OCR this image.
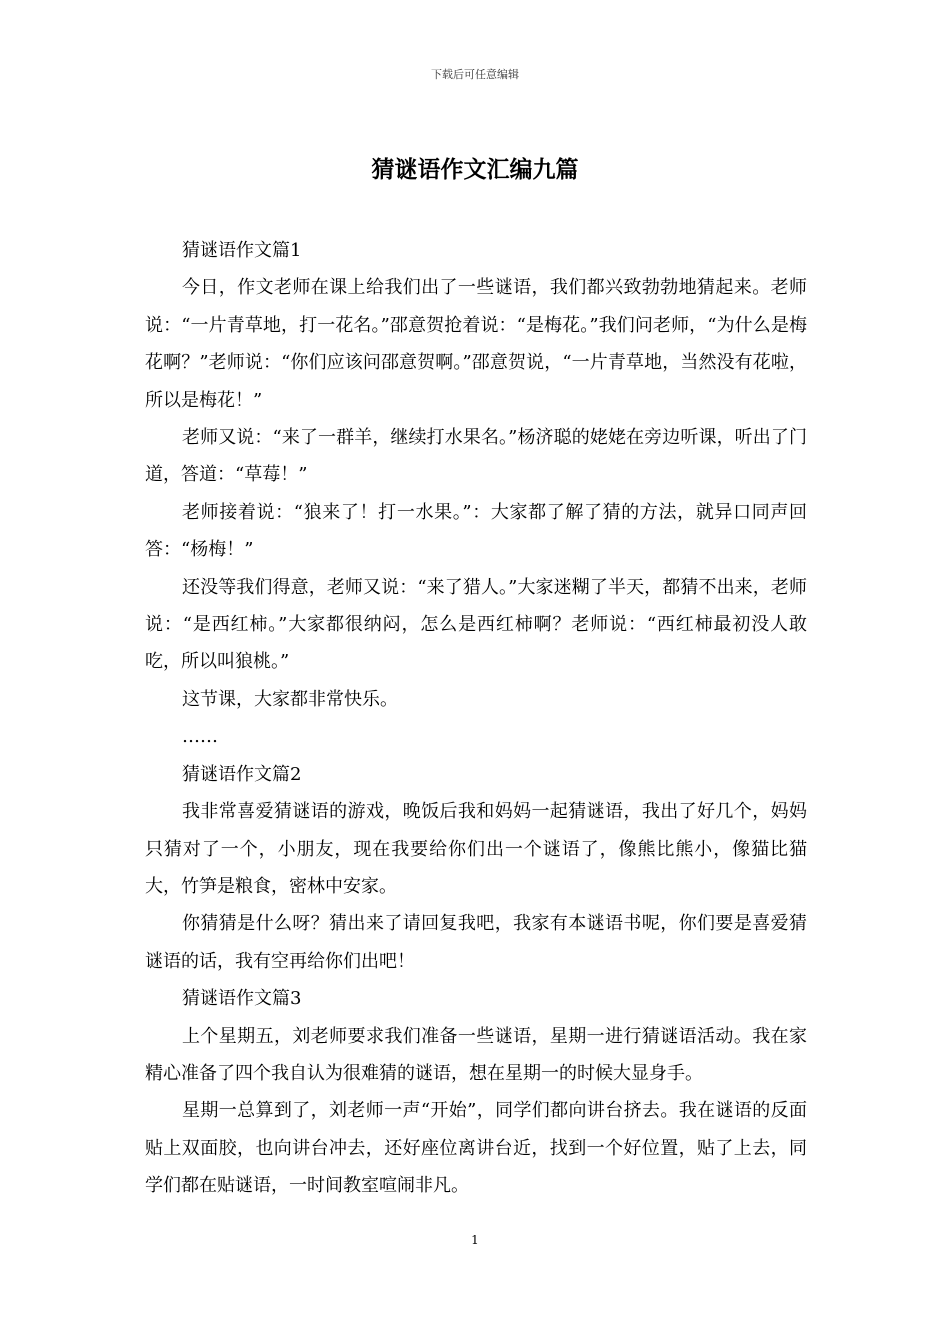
下载后可任意编辑
猜谜语作文汇编九篇

猜谜语作文篇1

今日，作文老师在课上给我们出了一些谜语，我们都兴致勃勃地猜起来。老师说：“一片青草地，打一花名。”邵意贺抢着说：“是梅花。”我们问老师，“为什么是梅花啊？”老师说：“你们应该问邵意贺啊。”邵意贺说，“一片青草地，当然没有花啦，所以是梅花！”

老师又说：“来了一群羊，继续打水果名。”杨济聪的姥姥在旁边听课，听出了门道，答道：“草莓！”

老师接着说：“狼来了！打一水果。”：大家都了解了猜的方法，就异口同声回答：“杨梅！”

还没等我们得意，老师又说：“来了猎人。”大家迷糊了半天，都猜不出来，老师说：“是西红柿。”大家都很纳闷，怎么是西红柿啊？老师说：“西红柿最初没人敢吃，所以叫狼桃。”

这节课，大家都非常快乐。

……

猜谜语作文篇2

我非常喜爱猜谜语的游戏，晚饭后我和妈妈一起猜谜语，我出了好几个，妈妈只猜对了一个，小朋友，现在我要给你们出一个谜语了，像熊比熊小，像猫比猫大，竹笋是粮食，密林中安家。

你猜猜是什么呀？猜出来了请回复我吧，我家有本谜语书呢，你们要是喜爱猜谜语的话，我有空再给你们出吧！

猜谜语作文篇3

上个星期五，刘老师要求我们准备一些谜语，星期一进行猜谜语活动。我在家精心准备了四个我自认为很难猜的谜语，想在星期一的时候大显身手。

星期一总算到了，刘老师一声“开始”，同学们都向讲台挤去。我在谜语的反面贴上双面胶，也向讲台冲去，还好座位离讲台近，找到一个好位置，贴了上去，同学们都在贴谜语，一时间教室喧闹非凡。

1
